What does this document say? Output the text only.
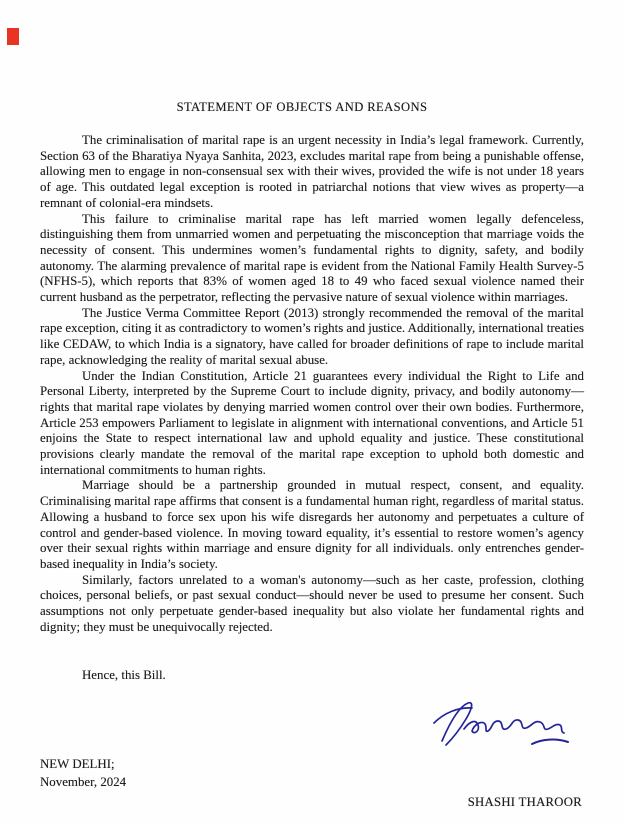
STATEMENT OF OBJECTS AND REASONS

The criminalisation of marital rape is an urgent necessity in India’s legal framework. Currently, Section 63 of the Bharatiya Nyaya Sanhita, 2023, excludes marital rape from being a punishable offense, allowing men to engage in non-consensual sex with their wives, provided the wife is not under 18 years of age. This outdated legal exception is rooted in patriarchal notions that view wives as property—a remnant of colonial-era mindsets.

This failure to criminalise marital rape has left married women legally defenceless, distinguishing them from unmarried women and perpetuating the misconception that marriage voids the necessity of consent. This undermines women’s fundamental rights to dignity, safety, and bodily autonomy. The alarming prevalence of marital rape is evident from the National Family Health Survey-5 (NFHS-5), which reports that 83% of women aged 18 to 49 who faced sexual violence named their current husband as the perpetrator, reflecting the pervasive nature of sexual violence within marriages.

The Justice Verma Committee Report (2013) strongly recommended the removal of the marital rape exception, citing it as contradictory to women’s rights and justice. Additionally, international treaties like CEDAW, to which India is a signatory, have called for broader definitions of rape to include marital rape, acknowledging the reality of marital sexual abuse.

Under the Indian Constitution, Article 21 guarantees every individual the Right to Life and Personal Liberty, interpreted by the Supreme Court to include dignity, privacy, and bodily autonomy—rights that marital rape violates by denying married women control over their own bodies. Furthermore, Article 253 empowers Parliament to legislate in alignment with international conventions, and Article 51 enjoins the State to respect international law and uphold equality and justice. These constitutional provisions clearly mandate the removal of the marital rape exception to uphold both domestic and international commitments to human rights.

Marriage should be a partnership grounded in mutual respect, consent, and equality. Criminalising marital rape affirms that consent is a fundamental human right, regardless of marital status. Allowing a husband to force sex upon his wife disregards her autonomy and perpetuates a culture of control and gender-based violence. In moving toward equality, it’s essential to restore women’s agency over their sexual rights within marriage and ensure dignity for all individuals. only entrenches gender-based inequality in India’s society.

Similarly, factors unrelated to a woman's autonomy—such as her caste, profession, clothing choices, personal beliefs, or past sexual conduct—should never be used to presume her consent. Such assumptions not only perpetuate gender-based inequality but also violate her fundamental rights and dignity; they must be unequivocally rejected.

Hence, this Bill.

NEW DELHI;
November, 2024
SHASHI THAROOR
